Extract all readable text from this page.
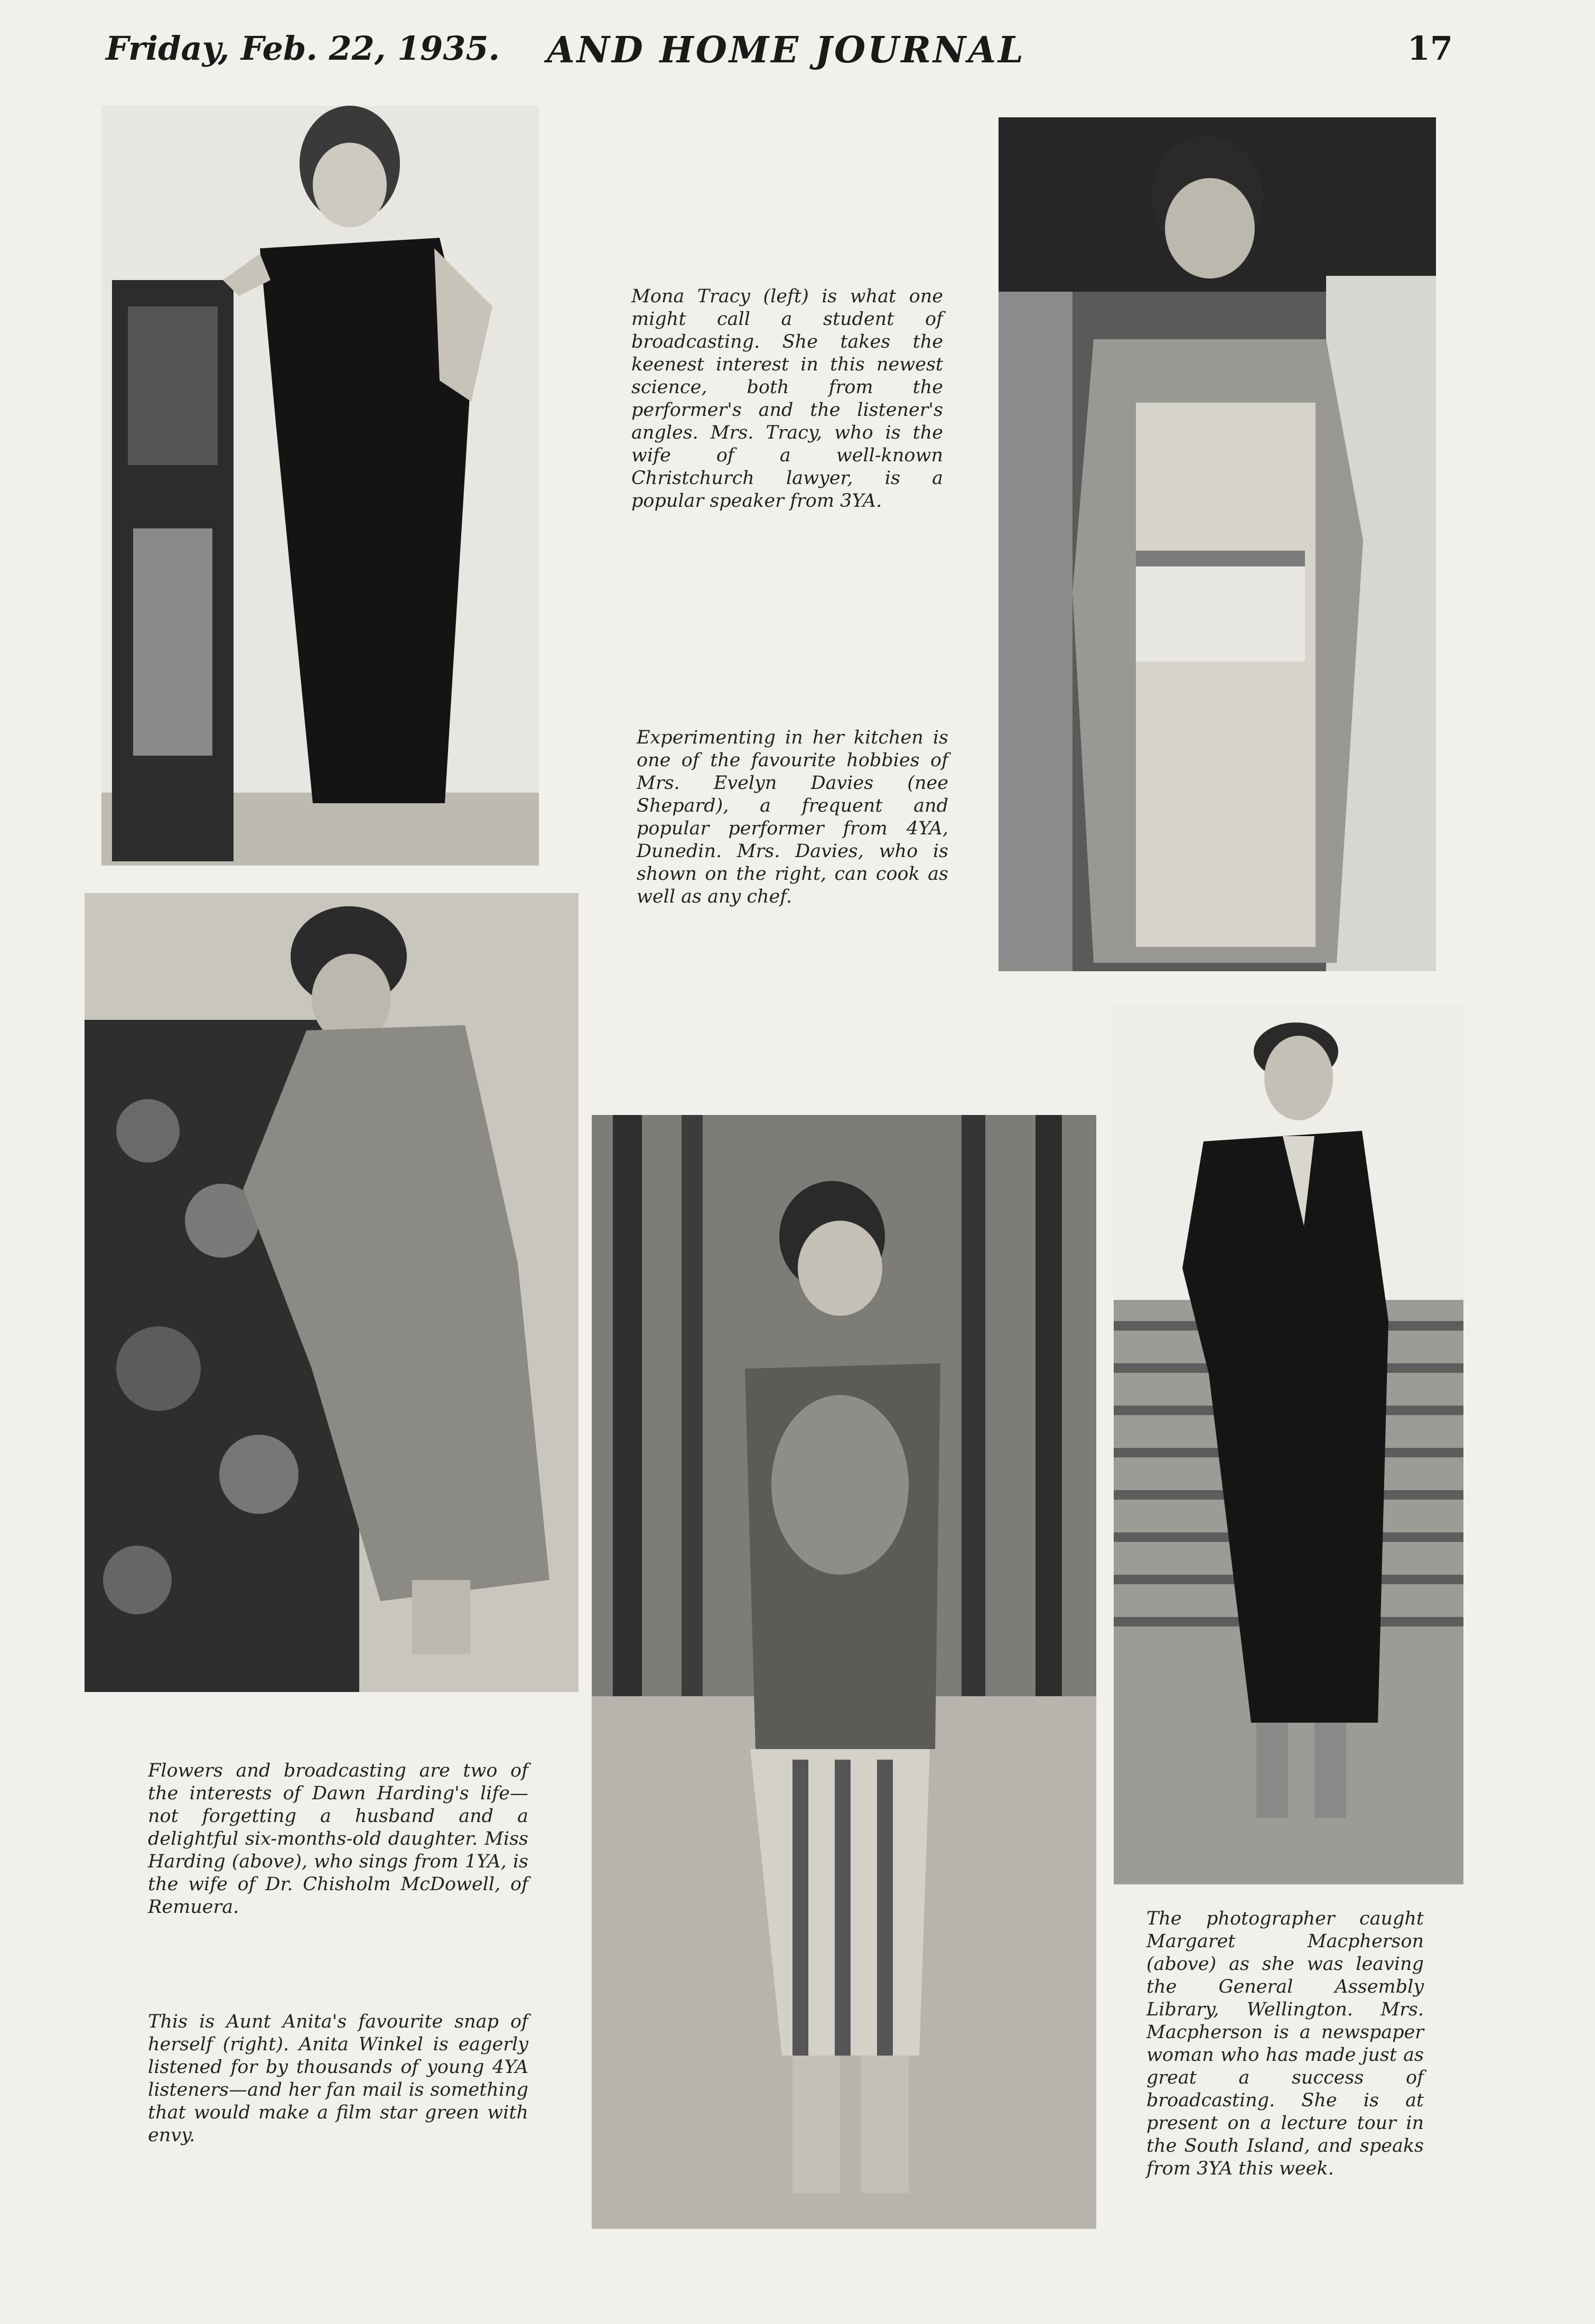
Friday, Feb. 22, 1935. AND HOME JOURNAL	17

Mona Tracy (left) is what one might call a student of broadcasting. She takes the keenest interest in this newest science, both from the performer's and the listener's angles. Mrs. Tracy, who is the wife of a well-known Christchurch lawyer, is a popular speaker from 3YA.

Experimenting in her kitchen is one of the favourite hobbies of Mrs. Evelyn Davies (nee Shepard), a frequent and popular performer from 4YA, Dunedin. Mrs. Davies, who is shown on the right, can cook as well as any chef.

Flowers and broadcasting are two of the interests of Dawn Harding's life—not forgetting a husband and a delightful six-months-old daughter. Miss Harding (above), who sings from 1YA, is the wife of Dr. Chisholm McDowell, of Remuera.

This is Aunt Anita's favourite snap of herself (right). Anita Winkel is eagerly listened for by thousands of young 4YA listeners—and her fan mail is something that would make a film star green with envy.

The photographer caught Margaret Macpherson (above) as she was leaving the General Assembly Library, Wellington. Mrs. Macpherson is a newspaper woman who has made just as great a success of broadcasting. She is at present on a lecture tour in the South Island, and speaks from 3YA this week.
